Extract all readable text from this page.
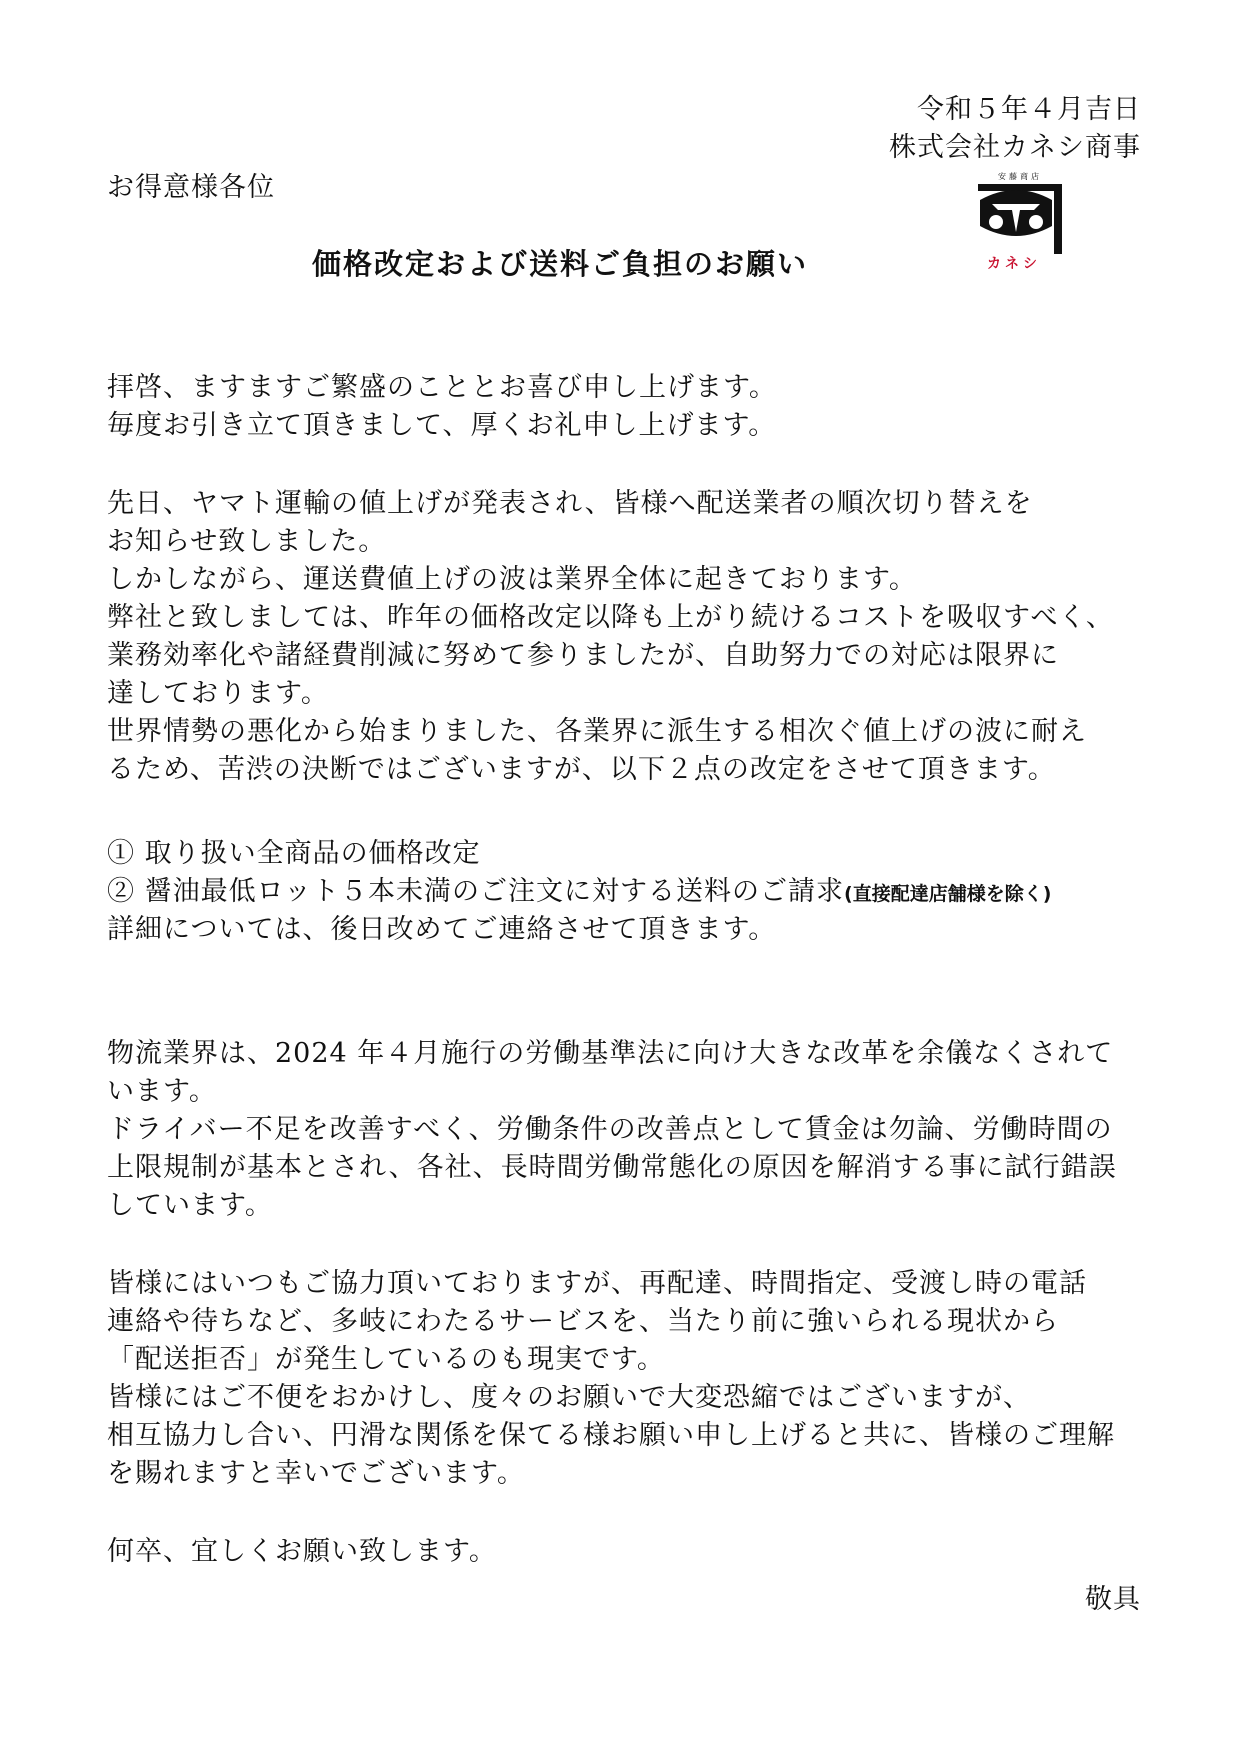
令和５年４月吉日

株式会社カネシ商事

お得意様各位	安藤商店
カネシ

価格改定および送料ご負担のお願い

拝啓、ますますご繁盛のこととお喜び申し上げます。

毎度お引き立て頂きまして、厚くお礼申し上げます。

先日、ヤマト運輸の値上げが発表され、皆様へ配送業者の順次切り替えを

お知らせ致しました。

しかしながら、運送費値上げの波は業界全体に起きております。

弊社と致しましては、昨年の価格改定以降も上がり続けるコストを吸収すべく、

業務効率化や諸経費削減に努めて参りましたが、自助努力での対応は限界に

達しております。

世界情勢の悪化から始まりました、各業界に派生する相次ぐ値上げの波に耐え

るため、苦渋の決断ではございますが、以下２点の改定をさせて頂きます。

① 取り扱い全商品の価格改定

② 醤油最低ロット５本未満のご注文に対する送料のご請求(直接配達店舗様を除く)

詳細については、後日改めてご連絡させて頂きます。

物流業界は、2024 年４月施行の労働基準法に向け大きな改革を余儀なくされて

います。

ドライバー不足を改善すべく、労働条件の改善点として賃金は勿論、労働時間の

上限規制が基本とされ、各社、長時間労働常態化の原因を解消する事に試行錯誤

しています。

皆様にはいつもご協力頂いておりますが、再配達、時間指定、受渡し時の電話

連絡や待ちなど、多岐にわたるサービスを、当たり前に強いられる現状から

「配送拒否」が発生しているのも現実です。

皆様にはご不便をおかけし、度々のお願いで大変恐縮ではございますが、

相互協力し合い、円滑な関係を保てる様お願い申し上げると共に、皆様のご理解

を賜れますと幸いでございます。

何卒、宜しくお願い致します。

敬具
